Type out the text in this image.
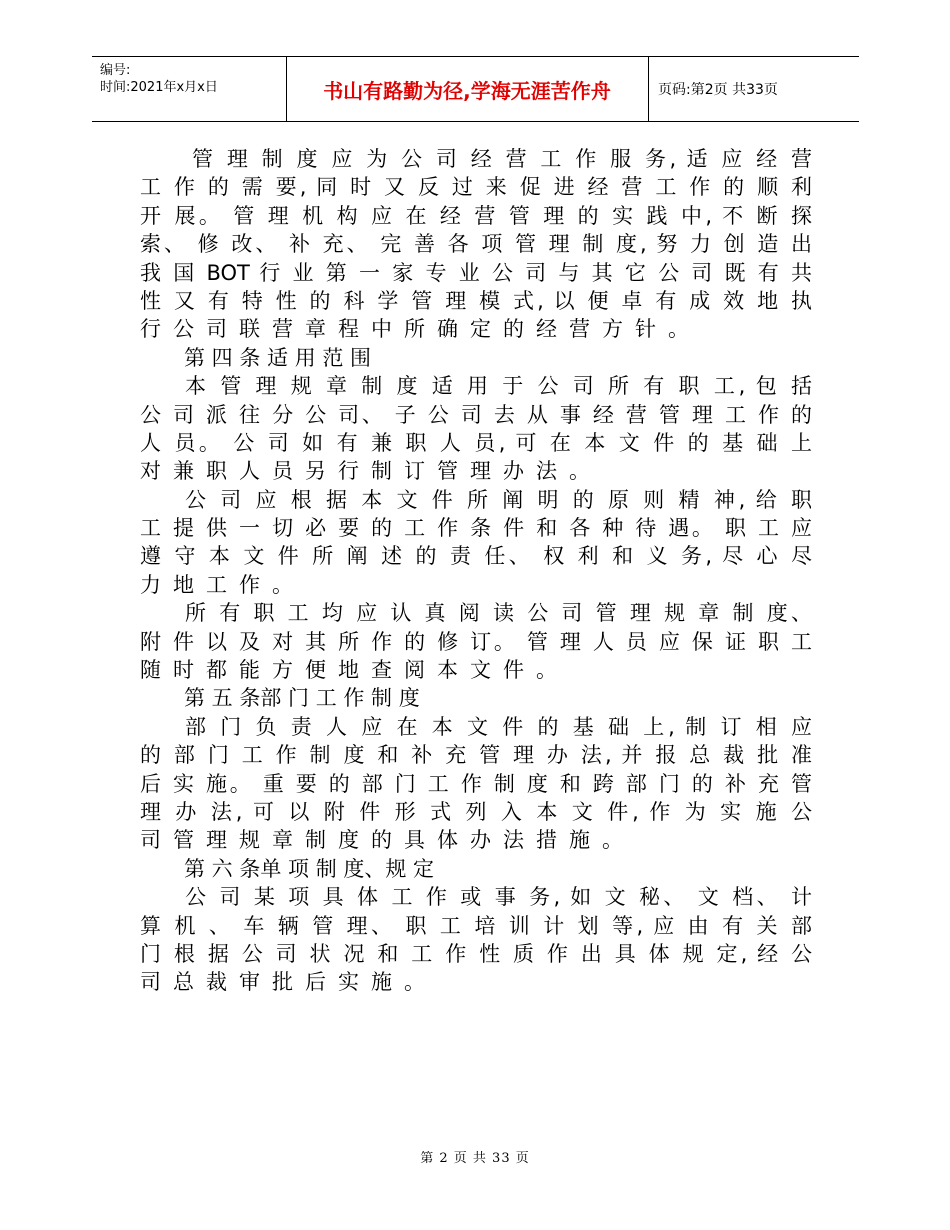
编号:
时间:2021年x月x日	书山有路勤为径,学海无涯苦作舟	页码:第2页 共33页
管 理 制 度 应 为 公 司 经 营 工 作 服 务, 适 应 经 营
工 作 的 需 要, 同 时 又 反 过 来 促 进 经 营 工 作 的 顺 利
开 展。 管 理 机 构 应 在 经 营 管 理 的 实 践 中, 不 断 探
索、 修 改、 补 充、 完 善 各 项 管 理 制 度, 努 力 创 造 出
我 国 BOT 行 业 第 一 家 专 业 公 司 与 其 它 公 司 既 有 共
性 又 有 特 性 的 科 学 管 理 模 式, 以 便 卓 有 成 效 地 执
行公司联营章程中所确定的经营方针。
第 四 条 适 用 范 围
本 管 理 规 章 制 度 适 用 于 公 司 所 有 职 工, 包 括
公 司 派 往 分 公 司、 子 公 司 去 从 事 经 营 管 理 工 作 的
人 员。 公 司 如 有 兼 职 人 员, 可 在 本 文 件 的 基 础 上
对兼职人员另行制订管理办法。
公 司 应 根 据 本 文 件 所 阐 明 的 原 则 精 神, 给 职
工 提 供 一 切 必 要 的 工 作 条 件 和 各 种 待 遇。 职 工 应
遵 守 本 文 件 所 阐 述 的 责 任、 权 利 和 义 务, 尽 心 尽
力地工作。
所 有 职 工 均 应 认 真 阅 读 公 司 管 理 规 章 制 度、
附 件 以 及 对 其 所 作 的 修 订。 管 理 人 员 应 保 证 职 工
随时都能方便地查阅本文件。
第 五 条部 门 工 作 制 度
部 门 负 责 人 应 在 本 文 件 的 基 础 上, 制 订 相 应
的 部 门 工 作 制 度 和 补 充 管 理 办 法, 并 报 总 裁 批 准
后 实 施。 重 要 的 部 门 工 作 制 度 和 跨 部 门 的 补 充 管
理 办 法, 可 以 附 件 形 式 列 入 本 文 件, 作 为 实 施 公
司管理规章制度的具体办法措施。
第 六 条单 项 制 度、规 定
公 司 某 项 具 体 工 作 或 事 务, 如 文 秘、 文 档、 计
算 机 、 车 辆 管 理、 职 工 培 训 计 划 等, 应 由 有 关 部
门 根 据 公 司 状 况 和 工 作 性 质 作 出 具 体 规 定, 经 公
司总裁审批后实施。
第 2 页 共 33 页
